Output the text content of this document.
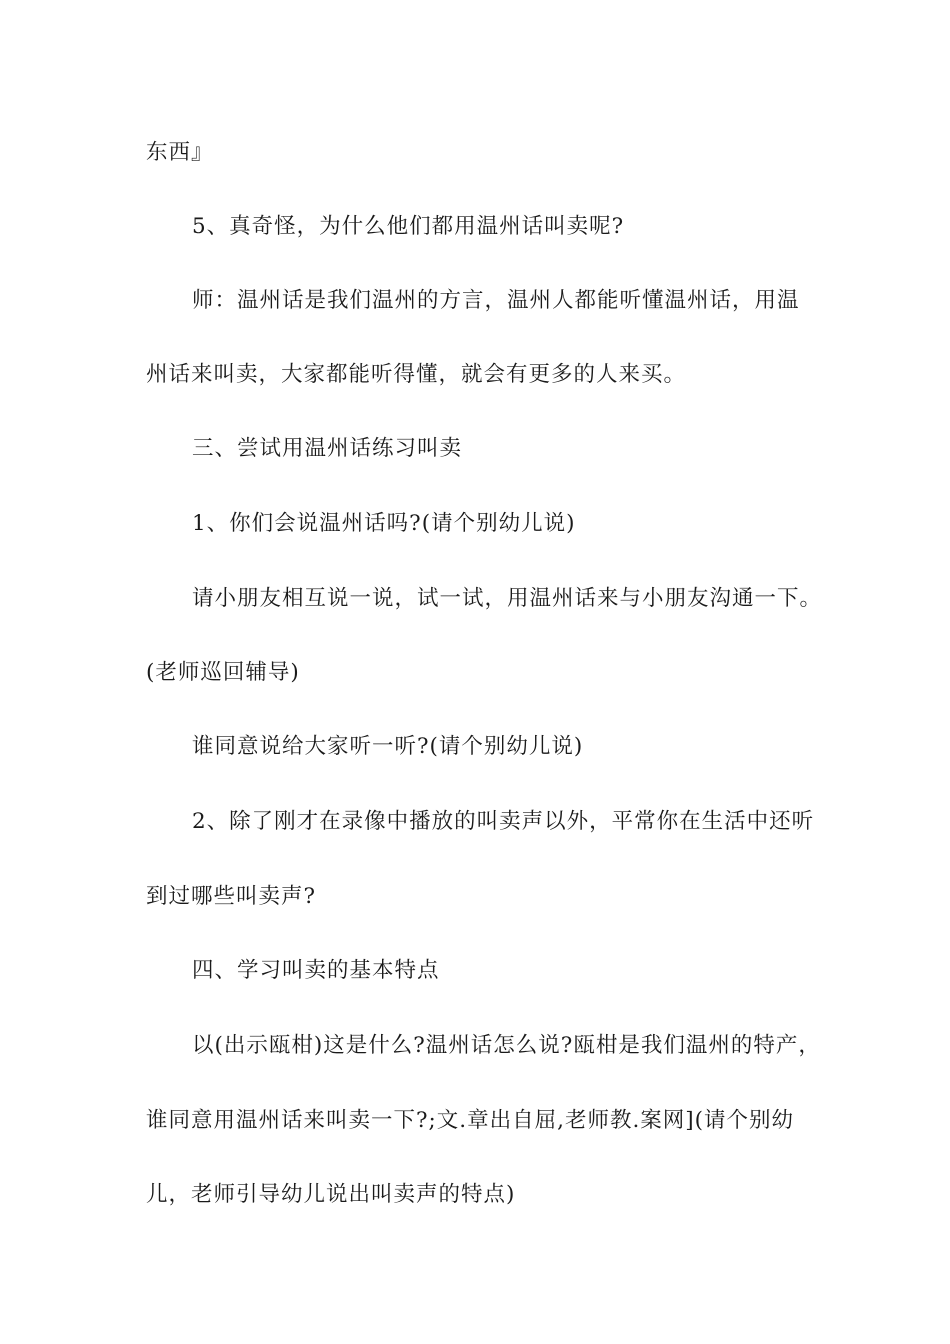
东西』
5、真奇怪，为什么他们都用温州话叫卖呢?
师：温州话是我们温州的方言，温州人都能听懂温州话，用温
州话来叫卖，大家都能听得懂，就会有更多的人来买。
三、尝试用温州话练习叫卖
1、你们会说温州话吗?(请个别幼儿说)
请小朋友相互说一说，试一试，用温州话来与小朋友沟通一下。
(老师巡回辅导)
谁同意说给大家听一听?(请个别幼儿说)
2、除了刚才在录像中播放的叫卖声以外，平常你在生活中还听
到过哪些叫卖声?
四、学习叫卖的基本特点
以(出示瓯柑)这是什么?温州话怎么说?瓯柑是我们温州的特产，
谁同意用温州话来叫卖一下?;文.章出自屈,老师教.案网](请个别幼
儿，老师引导幼儿说出叫卖声的特点)
